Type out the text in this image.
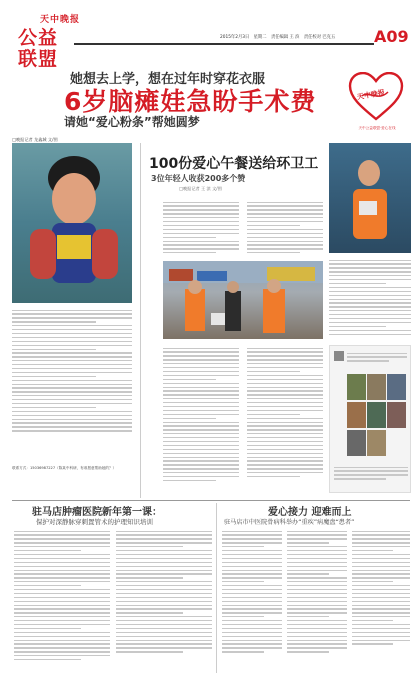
天中晚报
公益联盟
2015年2月3日 星期二 责任编辑 王 滨 责任校对 巴克五 A09
她想去上学，想在过年时穿花衣服
6岁脑瘫娃急盼手术费
请她“爱心粉条”帮她圆梦
天中晚报
天中公益联盟·爱心在线
□晚报记者 龙鑫城 文/图
联系方式：15036987227（陈某中科研，有谁愿意帮助她的？）
100份爱心午餐送给环卫工
3位年轻人收获200多个赞
□晚报记者 王 滨 文/图
驻马店肿瘤医院新年第一课：
保护对深静脉穿刺置管术的护理知识培训
爱心接力 迎难而上
驻马店市中医院骨病科举办“重疾”病魔盘“患者”
